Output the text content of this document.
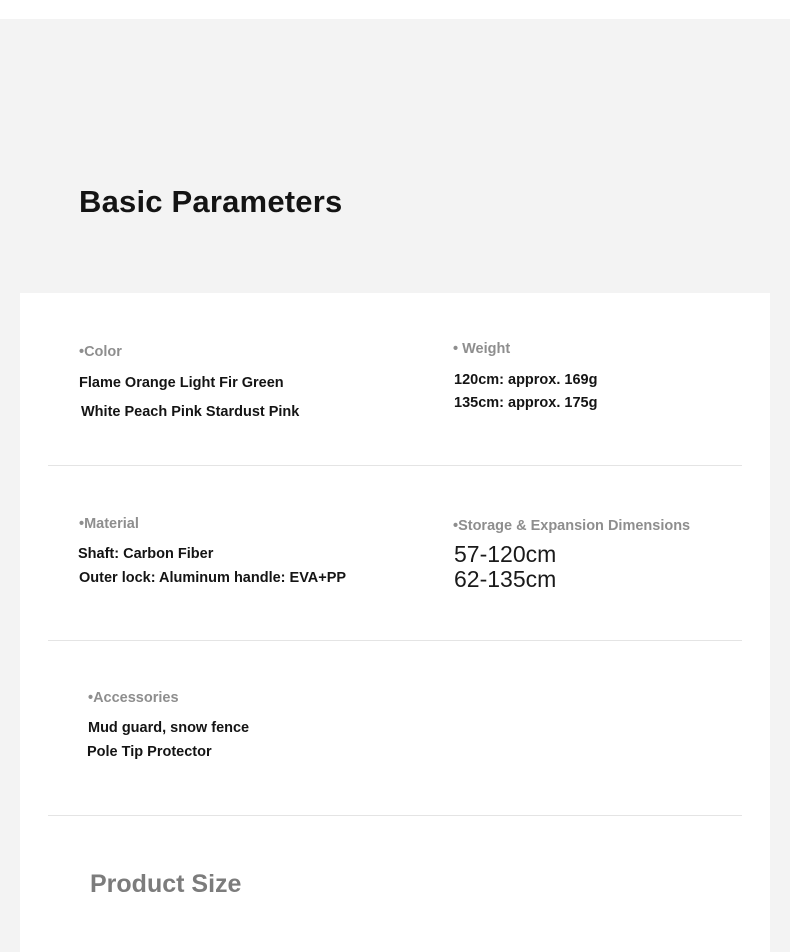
Basic Parameters
•Color
Flame Orange Light Fir Green
White Peach Pink Stardust Pink
• Weight
120cm: approx. 169g
135cm: approx. 175g
•Material
Shaft: Carbon Fiber
Outer lock: Aluminum handle: EVA+PP
•Storage & Expansion Dimensions
57-120cm
62-135cm
•Accessories
Mud guard, snow fence
Pole Tip Protector
Product Size
